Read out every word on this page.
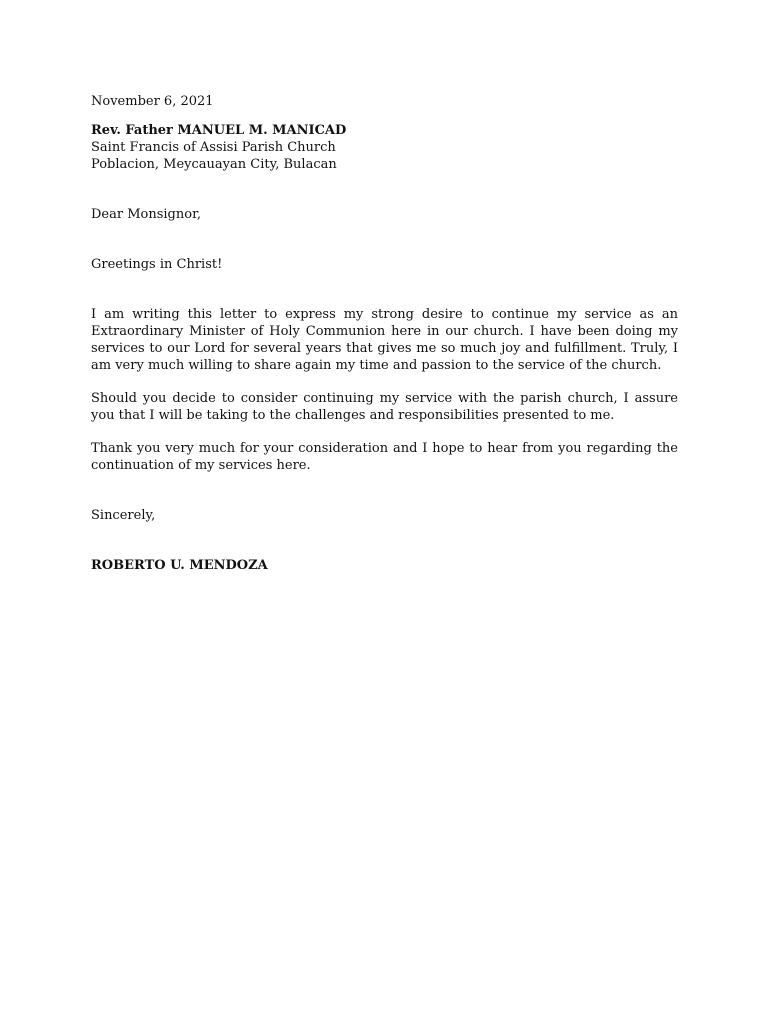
November 6, 2021

Rev. Father MANUEL M. MANICAD
Saint Francis of Assisi Parish Church
Poblacion, Meycauayan City, Bulacan

Dear Monsignor,

Greetings in Christ!

I am writing this letter to express my strong desire to continue my service as an Extraordinary Minister of Holy Communion here in our church. I have been doing my services to our Lord for several years that gives me so much joy and fulfillment. Truly, I am very much willing to share again my time and passion to the service of the church.

Should you decide to consider continuing my service with the parish church, I assure you that I will be taking to the challenges and responsibilities presented to me.

Thank you very much for your consideration and I hope to hear from you regarding the continuation of my services here.

Sincerely,

ROBERTO U. MENDOZA
